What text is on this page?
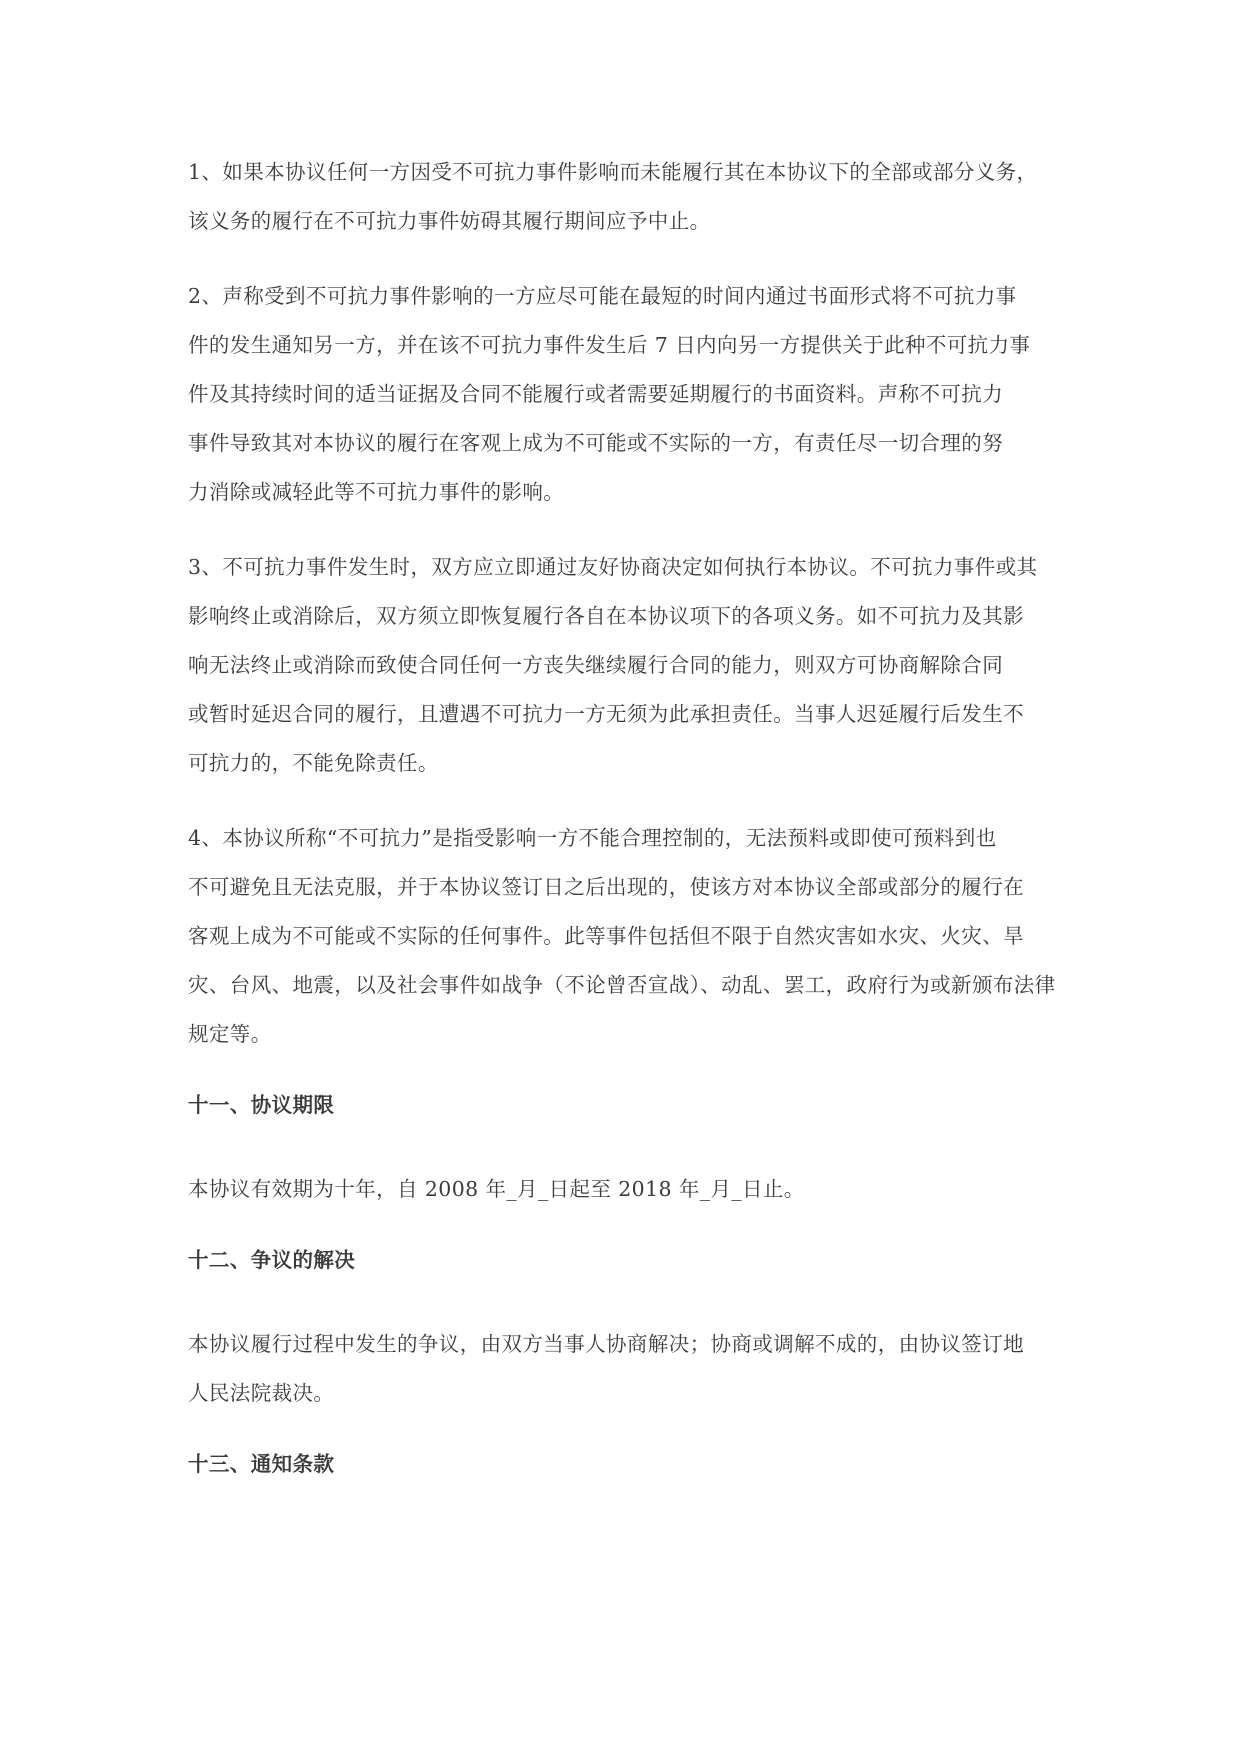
1、如果本协议任何一方因受不可抗力事件影响而未能履行其在本协议下的全部或部分义务，
该义务的履行在不可抗力事件妨碍其履行期间应予中止。
2、声称受到不可抗力事件影响的一方应尽可能在最短的时间内通过书面形式将不可抗力事
件的发生通知另一方，并在该不可抗力事件发生后 7 日内向另一方提供关于此种不可抗力事
件及其持续时间的适当证据及合同不能履行或者需要延期履行的书面资料。声称不可抗力
事件导致其对本协议的履行在客观上成为不可能或不实际的一方，有责任尽一切合理的努
力消除或减轻此等不可抗力事件的影响。
3、不可抗力事件发生时，双方应立即通过友好协商决定如何执行本协议。不可抗力事件或其
影响终止或消除后，双方须立即恢复履行各自在本协议项下的各项义务。如不可抗力及其影
响无法终止或消除而致使合同任何一方丧失继续履行合同的能力，则双方可协商解除合同
或暂时延迟合同的履行，且遭遇不可抗力一方无须为此承担责任。当事人迟延履行后发生不
可抗力的，不能免除责任。
4、本协议所称“不可抗力”是指受影响一方不能合理控制的，无法预料或即使可预料到也
不可避免且无法克服，并于本协议签订日之后出现的，使该方对本协议全部或部分的履行在
客观上成为不可能或不实际的任何事件。此等事件包括但不限于自然灾害如水灾、火灾、旱
灾、台风、地震，以及社会事件如战争（不论曾否宣战）、动乱、罢工，政府行为或新颁布法律
规定等。
十一、协议期限
本协议有效期为十年，自 2008 年_月_日起至 2018 年_月_日止。
十二、争议的解决
本协议履行过程中发生的争议，由双方当事人协商解决；协商或调解不成的，由协议签订地
人民法院裁决。
十三、通知条款
